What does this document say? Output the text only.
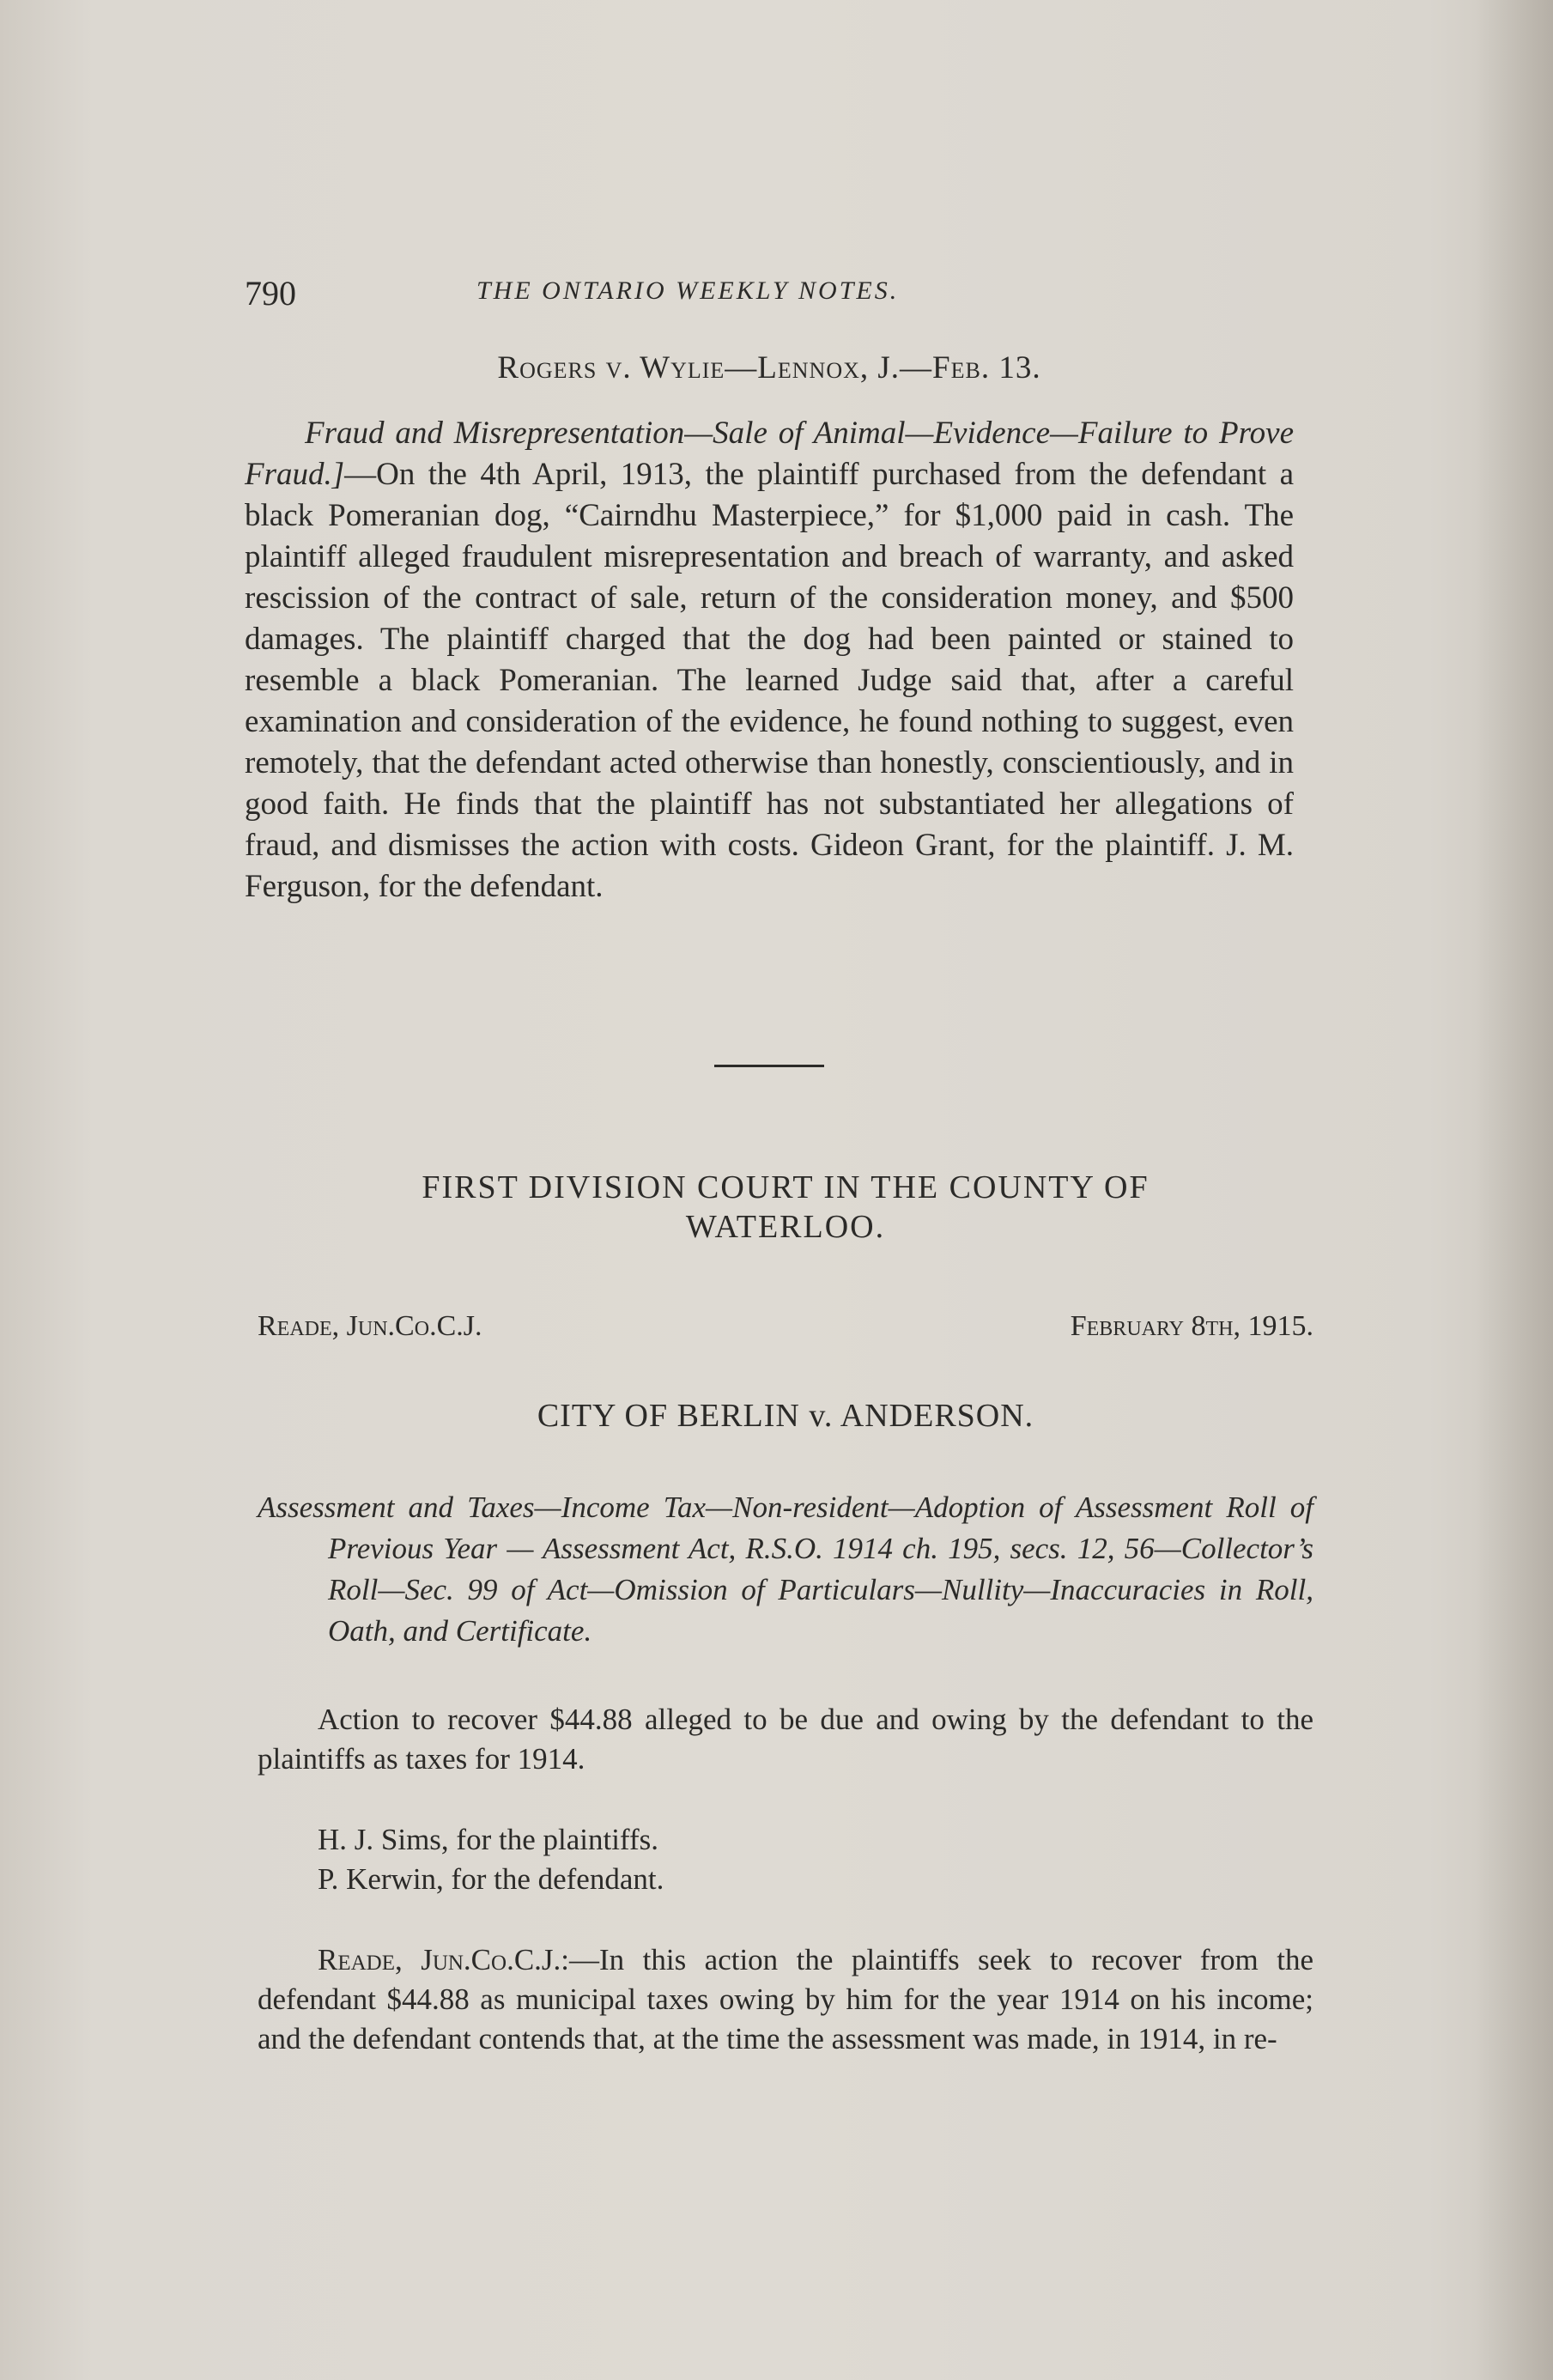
790	THE ONTARIO WEEKLY NOTES.
Rogers v. Wylie—Lennox, J.—Feb. 13.

Fraud and Misrepresentation—Sale of Animal—Evidence—Failure to Prove Fraud.]—On the 4th April, 1913, the plaintiff purchased from the defendant a black Pomeranian dog, “Cairndhu Masterpiece,” for $1,000 paid in cash. The plaintiff alleged fraudulent misrepresentation and breach of warranty, and asked rescission of the contract of sale, return of the consideration money, and $500 damages. The plaintiff charged that the dog had been painted or stained to resemble a black Pomeranian. The learned Judge said that, after a careful examination and consideration of the evidence, he found nothing to suggest, even remotely, that the defendant acted otherwise than honestly, conscientiously, and in good faith. He finds that the plaintiff has not substantiated her allegations of fraud, and dismisses the action with costs. Gideon Grant, for the plaintiff. J. M. Ferguson, for the defendant.

FIRST DIVISION COURT IN THE COUNTY OF
WATERLOO.
Reade, Jun.Co.C.J.	February 8th, 1915.
CITY OF BERLIN v. ANDERSON.
Assessment and Taxes—Income Tax—Non-resident—Adoption of Assessment Roll of Previous Year — Assessment Act, R.S.O. 1914 ch. 195, secs. 12, 56—Collector’s Roll—Sec. 99 of Act—Omission of Particulars—Nullity—Inaccuracies in Roll, Oath, and Certificate.

Action to recover $44.88 alleged to be due and owing by the defendant to the plaintiffs as taxes for 1914.

H. J. Sims, for the plaintiffs.
P. Kerwin, for the defendant.

Reade, Jun.Co.C.J.:—In this action the plaintiffs seek to recover from the defendant $44.88 as municipal taxes owing by him for the year 1914 on his income; and the defendant contends that, at the time the assessment was made, in 1914, in re-
